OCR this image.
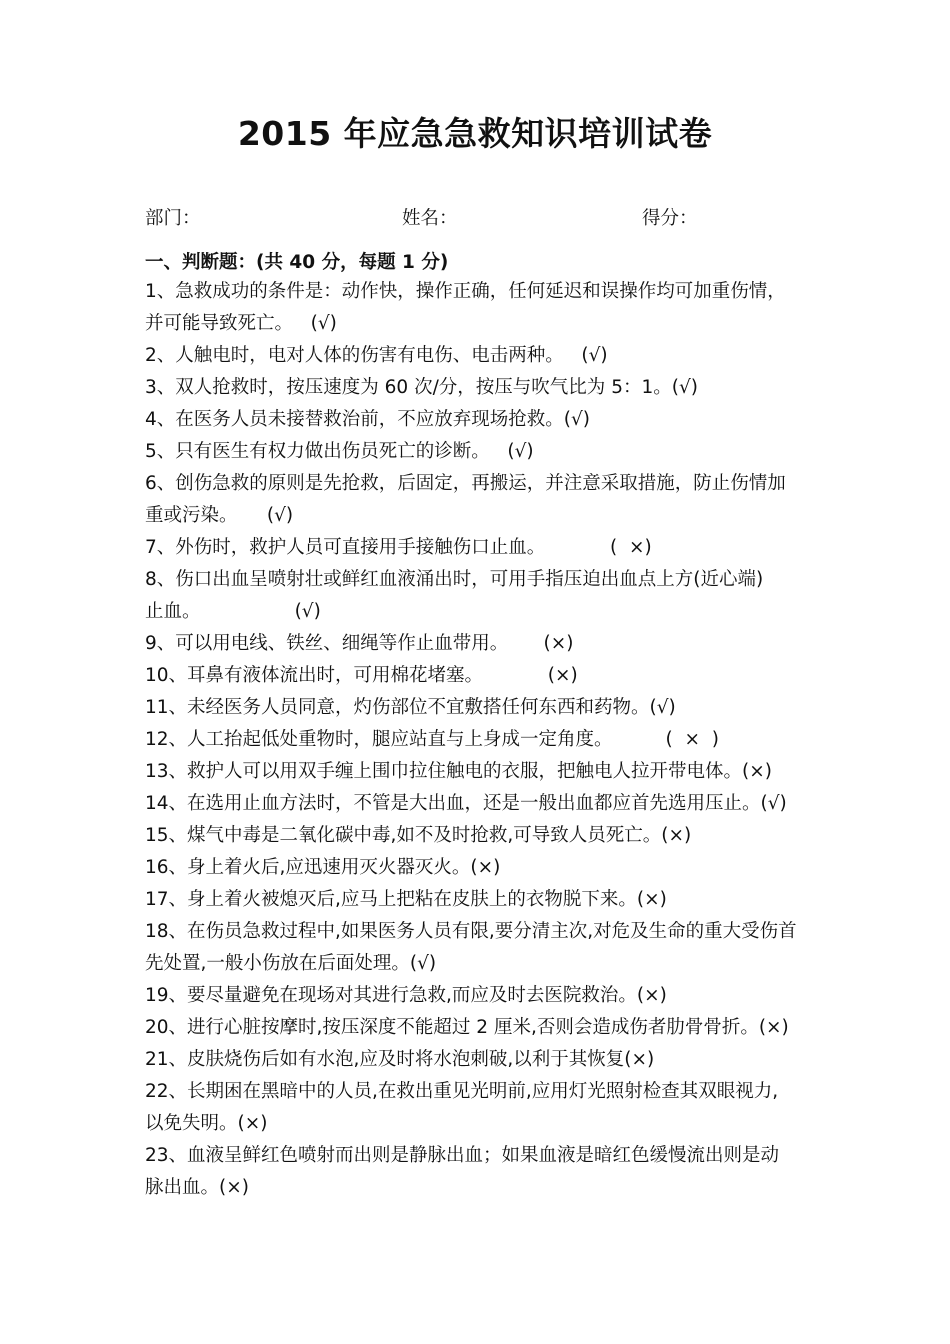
2015 年应急急救知识培训试卷
部门：	姓名：	得分：
一、判断题：(共 40 分，每题 1 分)
1、急救成功的条件是：动作快，操作正确，任何延迟和误操作均可加重伤情，
并可能导致死亡。   (√)
2、人触电时，电对人体的伤害有电伤、电击两种。   (√)
3、双人抢救时，按压速度为 60 次/分，按压与吹气比为 5：1。(√)
4、在医务人员未接替救治前，不应放弃现场抢救。(√)
5、只有医生有权力做出伤员死亡的诊断。   (√)
6、创伤急救的原则是先抢救，后固定，再搬运，并注意采取措施，防止伤情加
重或污染。     (√)
7、外伤时，救护人员可直接用手接触伤口止血。           (  ×)
8、伤口出血呈喷射壮或鲜红血液涌出时，可用手指压迫出血点上方(近心端)
止血。                (√)
9、可以用电线、铁丝、细绳等作止血带用。      (×)
10、耳鼻有液体流出时，可用棉花堵塞。           (×)
11、未经医务人员同意，灼伤部位不宜敷搭任何东西和药物。(√)
12、人工抬起低处重物时，腿应站直与上身成一定角度。         (  ×  )
13、救护人可以用双手缠上围巾拉住触电的衣服，把触电人拉开带电体。(×)
14、在选用止血方法时，不管是大出血，还是一般出血都应首先选用压止。(√)
15、煤气中毒是二氧化碳中毒,如不及时抢救,可导致人员死亡。(×)
16、身上着火后,应迅速用灭火器灭火。(×)
17、身上着火被熄灭后,应马上把粘在皮肤上的衣物脱下来。(×)
18、在伤员急救过程中,如果医务人员有限,要分清主次,对危及生命的重大受伤首
先处置,一般小伤放在后面处理。(√)
19、要尽量避免在现场对其进行急救,而应及时去医院救治。(×)
20、进行心脏按摩时,按压深度不能超过 2 厘米,否则会造成伤者肋骨骨折。(×)
21、皮肤烧伤后如有水泡,应及时将水泡刺破,以利于其恢复(×)
22、长期困在黑暗中的人员,在救出重见光明前,应用灯光照射检查其双眼视力,
以免失明。(×)
23、血液呈鲜红色喷射而出则是静脉出血；如果血液是暗红色缓慢流出则是动
脉出血。(×)
